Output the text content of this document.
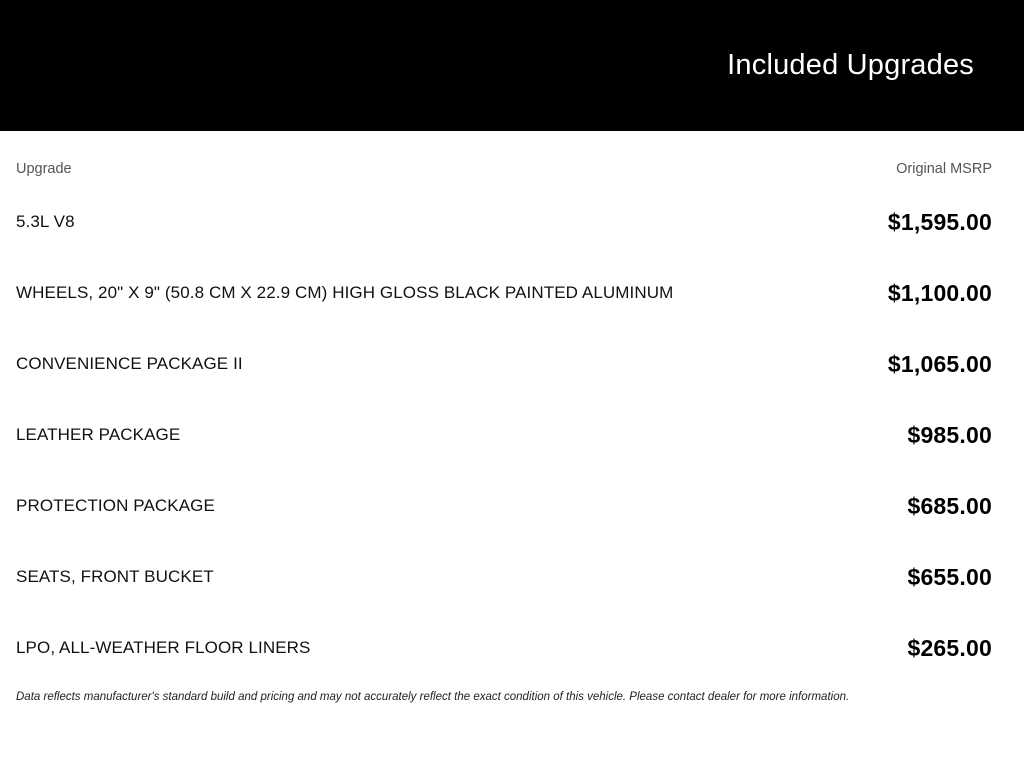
Included Upgrades
Upgrade	Original MSRP
5.3L V8	$1,595.00
WHEELS, 20" X 9" (50.8 CM X 22.9 CM) HIGH GLOSS BLACK PAINTED ALUMINUM	$1,100.00
CONVENIENCE PACKAGE II	$1,065.00
LEATHER PACKAGE	$985.00
PROTECTION PACKAGE	$685.00
SEATS, FRONT BUCKET	$655.00
LPO, ALL-WEATHER FLOOR LINERS	$265.00
Data reflects manufacturer's standard build and pricing and may not accurately reflect the exact condition of this vehicle. Please contact dealer for more information.
